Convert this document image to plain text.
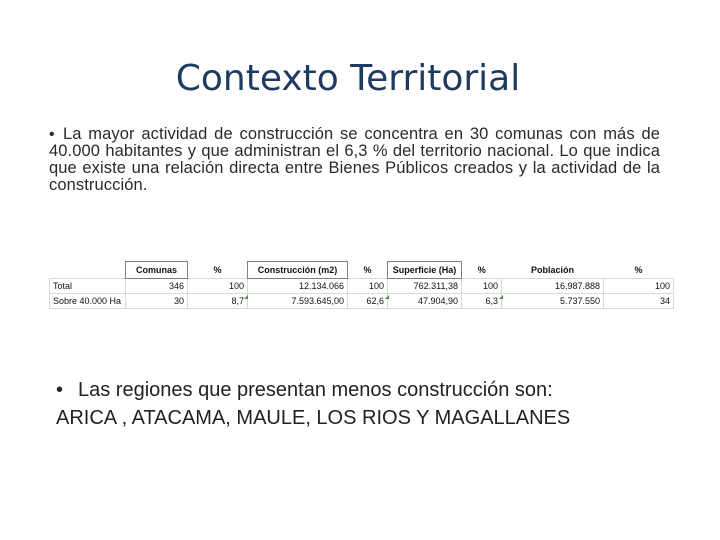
Contexto Territorial
• La mayor actividad de construcción se concentra en 30 comunas con más de 40.000 habitantes y que administran el 6,3 % del territorio nacional. Lo que indica que existe una relación directa entre Bienes Públicos creados y la actividad de la construcción.
	Comunas	%	Construcción (m2)	%	Superficie (Ha)	%	Población	%
Total	346	100	12.134.066	100	762.311,38	100	16.987.888	100
Sobre 40.000 Ha	30	8,7	7.593.645,00	62,6	47.904,90	6,3	5.737.550	34
• Las regiones que presentan menos construcción son:
ARICA , ATACAMA, MAULE, LOS RIOS Y MAGALLANES
